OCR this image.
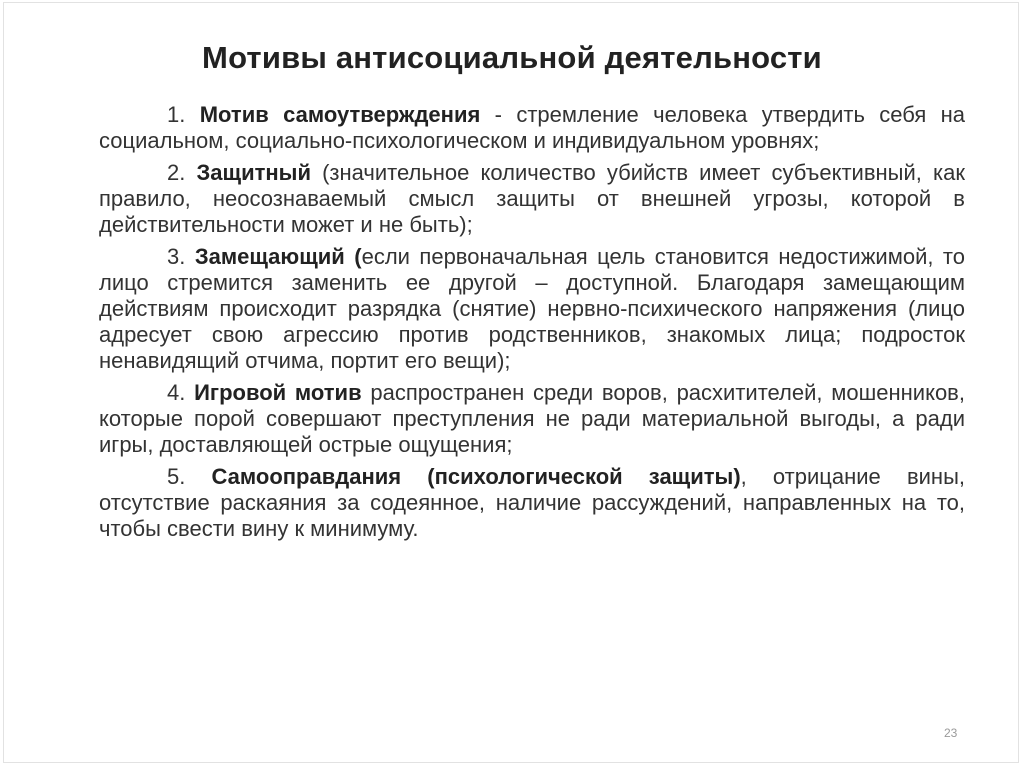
Мотивы антисоциальной деятельности

1. Мотив самоутверждения - стремление человека утвердить себя на социальном, социально-психологическом и индивидуальном уровнях;

2. Защитный (значительное количество убийств имеет субъективный, как правило, неосознаваемый смысл защиты от внешней угрозы, которой в действительности может и не быть);

3. Замещающий (если первоначальная цель становится недостижимой, то лицо стремится заменить ее другой – доступной. Благодаря замещающим действиям происходит разрядка (снятие) нервно-психического напряжения (лицо адресует свою агрессию против родственников, знакомых лица; подросток ненавидящий отчима, портит его вещи);

4. Игровой мотив распространен среди воров, расхитителей, мошенников, которые порой совершают преступления не ради материальной выгоды, а ради игры, доставляющей острые ощущения;

5. Самооправдания (психологической защиты), отрицание вины, отсутствие раскаяния за содеянное, наличие рассуждений, направленных на то, чтобы свести вину к минимуму.

23
